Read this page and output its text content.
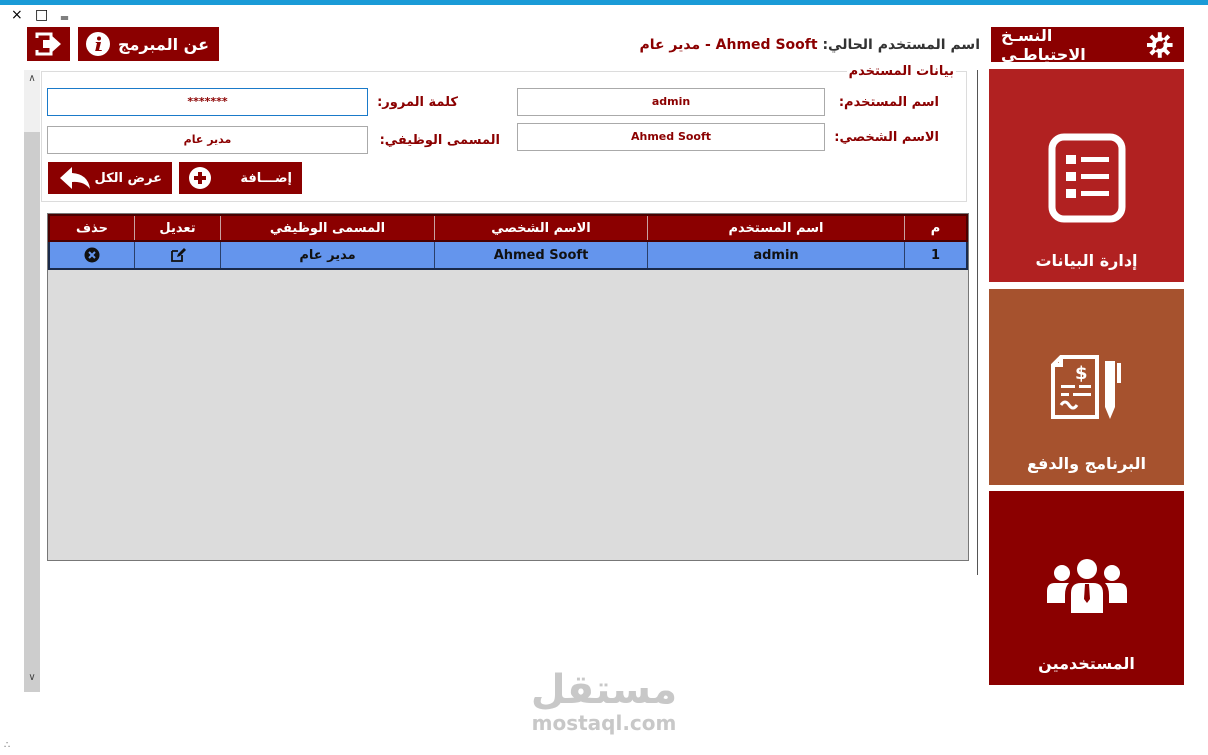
× □ ‗
عن المبرمج	اسم المستخدم الحالي: Ahmed Sooft - مدير عام
النسـخ الاحتياطـي
إدارة البيانات
$
البرنامج والدفع
المستخدمين
∧
∨
بيانات المستخدم
اسم المستخدم:
admin
كلمة المرور:
*******
الاسم الشخصي:
Ahmed Sooft
المسمى الوظيفي:
مدير عام
إضـــافة
عرض الكل
م
اسم المستخدم
الاسم الشخصي
المسمى الوظيفي
تعديل
حذف
1
admin
Ahmed Sooft
مدير عام
مستقل
mostaql.com
∴
